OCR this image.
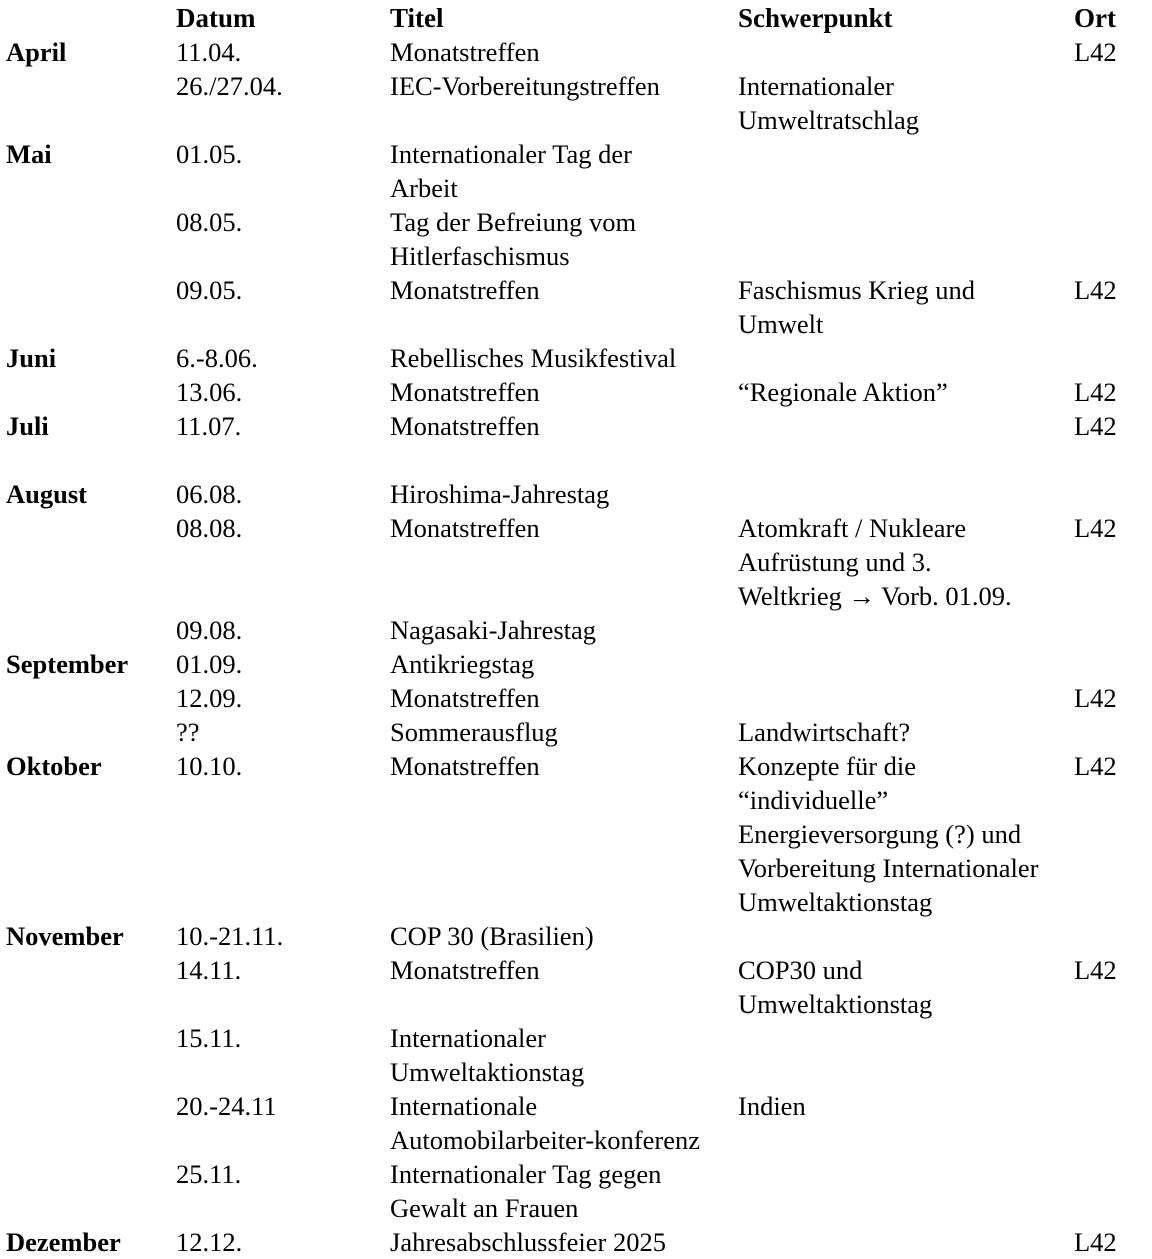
	Datum	Titel	Schwerpunkt	Ort
April	11.04.	Monatstreffen		L42
	26./27.04.	IEC-Vorbereitungstreffen	Internationaler
Umweltratschlag	
Mai	01.05.	Internationaler Tag der
Arbeit		
	08.05.	Tag der Befreiung vom
Hitlerfaschismus		
	09.05.	Monatstreffen	Faschismus Krieg und
Umwelt	L42
Juni	6.-8.06.	Rebellisches Musikfestival		
	13.06.	Monatstreffen	“Regionale Aktion”	L42
Juli	11.07.	Monatstreffen		L42

August	06.08.	Hiroshima-Jahrestag		
	08.08.	Monatstreffen	Atomkraft / Nukleare
Aufrüstung und 3.
Weltkrieg → Vorb. 01.09.	L42
	09.08.	Nagasaki-Jahrestag		
September	01.09.	Antikriegstag		
	12.09.	Monatstreffen		L42
	??	Sommerausflug	Landwirtschaft?	
Oktober	10.10.	Monatstreffen	Konzepte für die
“individuelle”
Energieversorgung (?) und
Vorbereitung Internationaler
Umweltaktionstag	L42
November	10.-21.11.	COP 30 (Brasilien)		
	14.11.	Monatstreffen	COP30 und
Umweltaktionstag	L42
	15.11.	Internationaler
Umweltaktionstag		
	20.-24.11	Internationale
Automobilarbeiter-konferenz	Indien	
	25.11.	Internationaler Tag gegen
Gewalt an Frauen		
Dezember	12.12.	Jahresabschlussfeier 2025		L42
